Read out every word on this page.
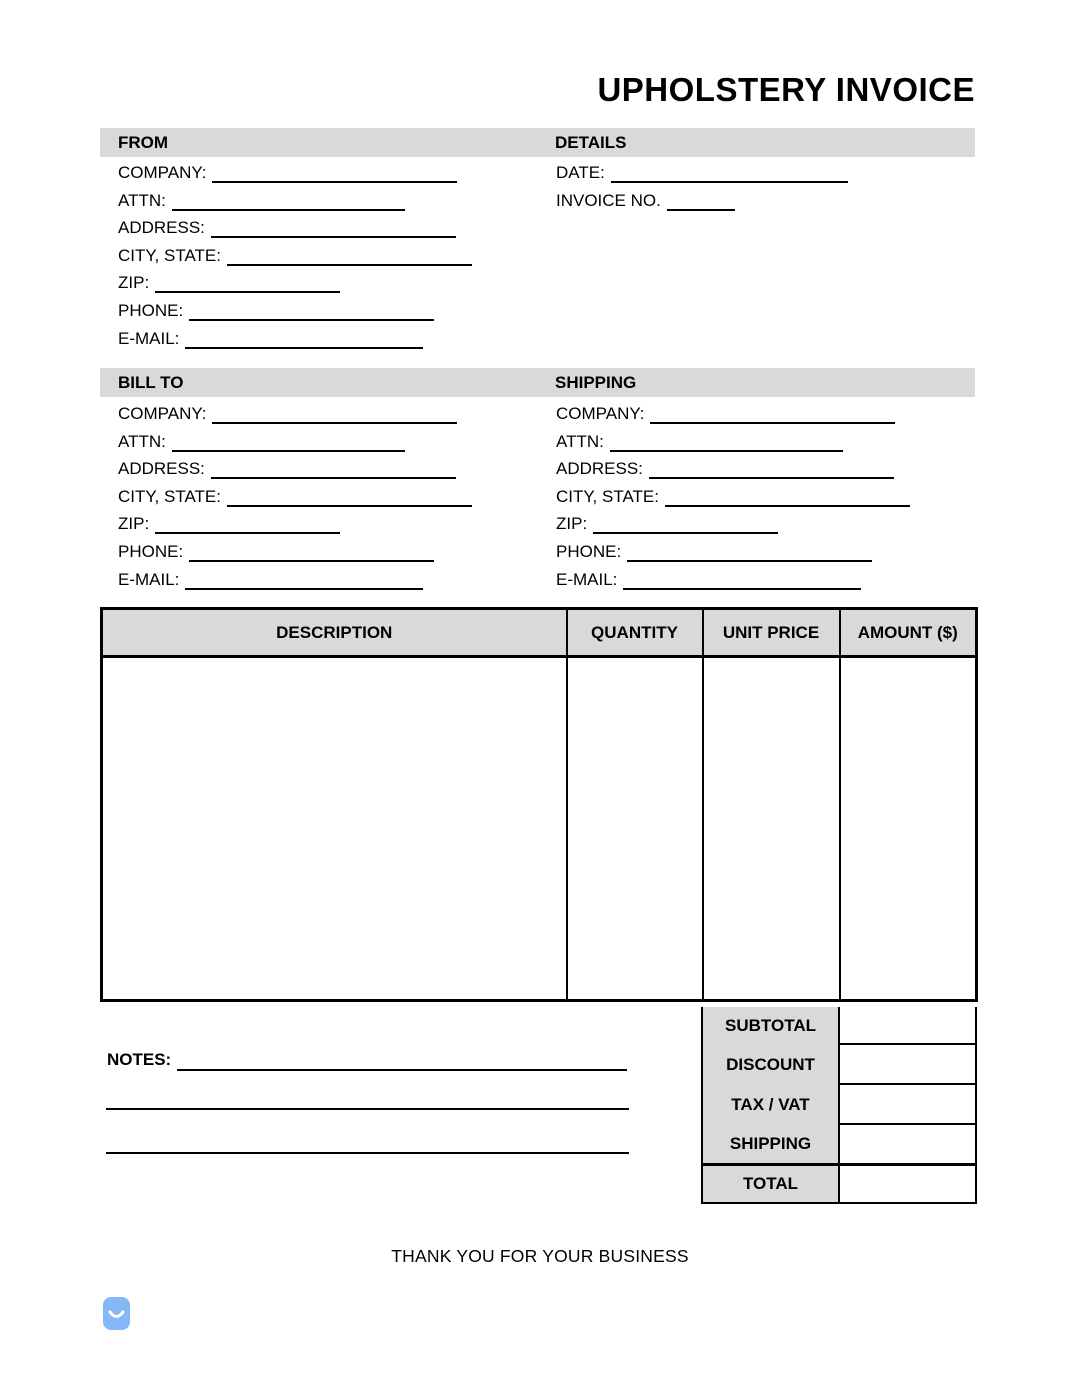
UPHOLSTERY INVOICE
FROM	DETAILS
COMPANY:
ATTN:
ADDRESS:
CITY, STATE:
ZIP:
PHONE:
E-MAIL:
DATE:
INVOICE NO.
BILL TO	SHIPPING
COMPANY:
ATTN:
ADDRESS:
CITY, STATE:
ZIP:
PHONE:
E-MAIL:
COMPANY:
ATTN:
ADDRESS:
CITY, STATE:
ZIP:
PHONE:
E-MAIL:
DESCRIPTION	QUANTITY	UNIT PRICE	AMOUNT ($)

SUBTOTAL
DISCOUNT
TAX / VAT
SHIPPING
TOTAL
NOTES:
THANK YOU FOR YOUR BUSINESS
